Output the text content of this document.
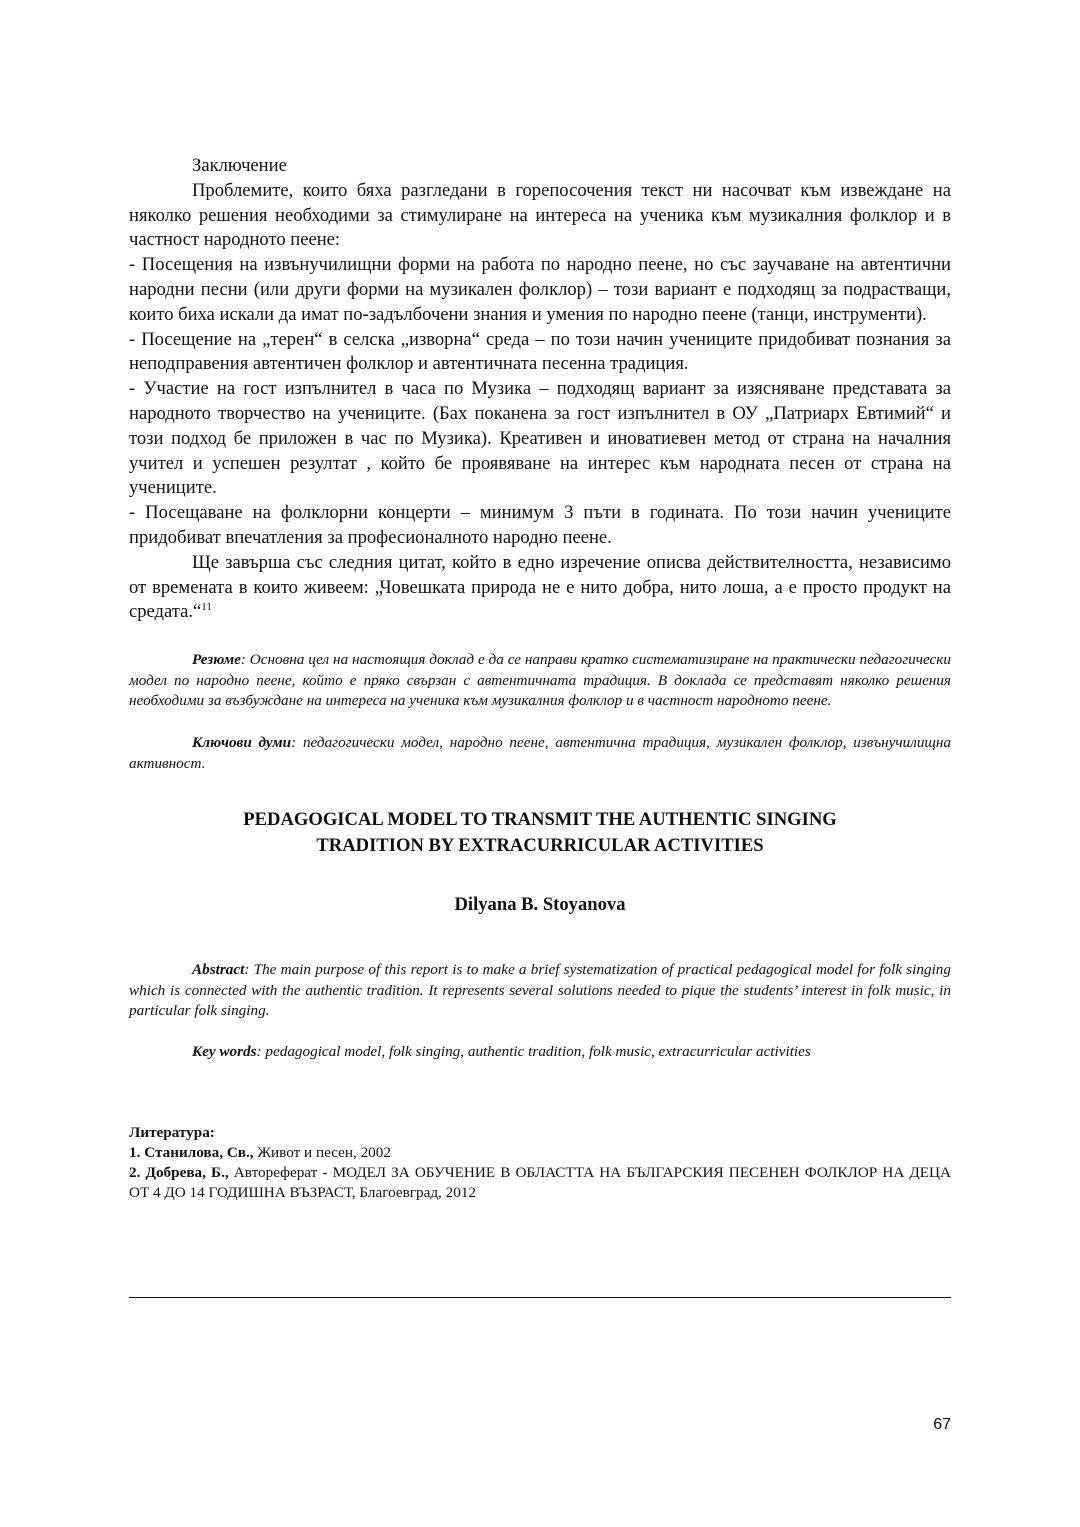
Заключение

Проблемите, които бяха разгледани в горепосочения текст ни насочват към извеждане на няколко решения необходими за стимулиране на интереса на ученика към музикалния фолклор и в частност народното пеене:

- Посещения на извънучилищни форми на работа по народно пеене, но със заучаване на автентични народни песни (или други форми на музикален фолклор) – този вариант е подходящ за подрастващи, които биха искали да имат по-задълбочени знания и умения по народно пеене (танци, инструменти).

- Посещение на „терен“ в селска „изворна“ среда – по този начин учениците придобиват познания за неподправения автентичен фолклор и автентичната песенна традиция.

- Участие на гост изпълнител в часа по Музика – подходящ вариант за изясняване представата за народното творчество на учениците. (Бах поканена за гост изпълнител в ОУ „Патриарх Евтимий“ и този подход бе приложен в час по Музика). Креативен и иноватиевен метод от страна на началния учител и успешен резултат , който бе проявяване на интерес към народната песен от страна на учениците.

- Посещаване на фолклорни концерти – минимум 3 пъти в годината. По този начин учениците придобиват впечатления за професионалното народно пеене.

Ще завърша със следния цитат, който в едно изречение описва действителността, независимо от времената в които живеем: „Човешката природа не е нито добра, нито лоша, а е просто продукт на средата.“$^{11}$

Резюме: Основна цел на настоящия доклад е да се направи кратко систематизиране на практически педагогически модел по народно пеене, който е пряко свързан с автентичната традиция. В доклада се представят няколко решения необходими за възбуждане на интереса на ученика към музикалния фолклор и в частност народното пеене.

Ключови думи: педагогически модел, народно пеене, автентична традиция, музикален фолклор, извънучилищна активност.

PEDAGOGICAL MODEL TO TRANSMIT THE AUTHENTIC SINGING
TRADITION BY EXTRACURRICULAR ACTIVITIES
Dilyana B. Stoyanova

Abstract: The main purpose of this report is to make a brief systematization of practical pedagogical model for folk singing which is connected with the authentic tradition. It represents several solutions needed to pique the students’ interest in folk music, in particular folk singing.

Key words: pedagogical model, folk singing, authentic tradition, folk music, extracurricular activities

Литература:

1. Станилова, Св., Живот и песен, 2002

2. Добрева, Б., Автореферат - МОДЕЛ ЗА ОБУЧЕНИЕ В ОБЛАСТТА НА БЪЛГАРСКИЯ ПЕСЕНЕН ФОЛКЛОР НА ДЕЦА ОТ 4 ДО 14 ГОДИШНА ВЪЗРАСТ, Благоевград, 2012

67
